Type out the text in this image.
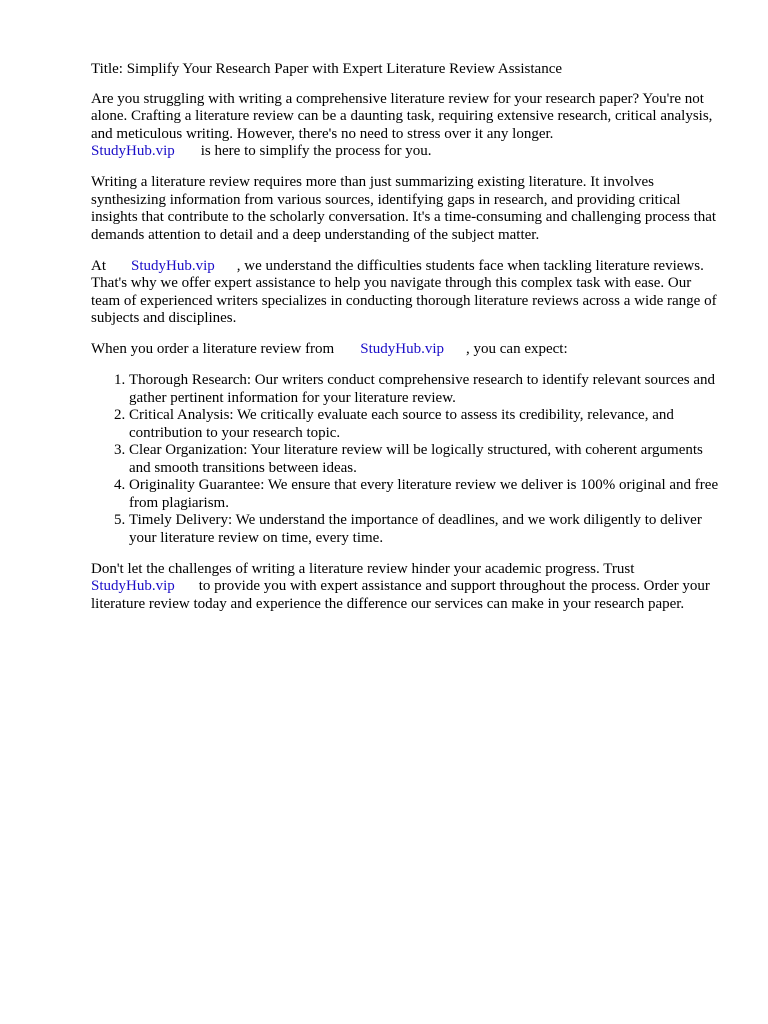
Title: Simplify Your Research Paper with Expert Literature Review Assistance

Are you struggling with writing a comprehensive literature review for your research paper? You're not alone. Crafting a literature review can be a daunting task, requiring extensive research, critical analysis, and meticulous writing. However, there's no need to stress over it any longer.
StudyHub.vip is here to simplify the process for you.

Writing a literature review requires more than just summarizing existing literature. It involves synthesizing information from various sources, identifying gaps in research, and providing critical insights that contribute to the scholarly conversation. It's a time-consuming and challenging process that demands attention to detail and a deep understanding of the subject matter.

At StudyHub.vip , we understand the difficulties students face when tackling literature reviews. That's why we offer expert assistance to help you navigate through this complex task with ease. Our team of experienced writers specializes in conducting thorough literature reviews across a wide range of subjects and disciplines.

When you order a literature review from StudyHub.vip , you can expect:

1. Thorough Research: Our writers conduct comprehensive research to identify relevant sources and gather pertinent information for your literature review.
2. Critical Analysis: We critically evaluate each source to assess its credibility, relevance, and contribution to your research topic.
3. Clear Organization: Your literature review will be logically structured, with coherent arguments and smooth transitions between ideas.
4. Originality Guarantee: We ensure that every literature review we deliver is 100% original and free from plagiarism.
5. Timely Delivery: We understand the importance of deadlines, and we work diligently to deliver your literature review on time, every time.

Don't let the challenges of writing a literature review hinder your academic progress. Trust
StudyHub.vip to provide you with expert assistance and support throughout the process. Order your literature review today and experience the difference our services can make in your research paper.
